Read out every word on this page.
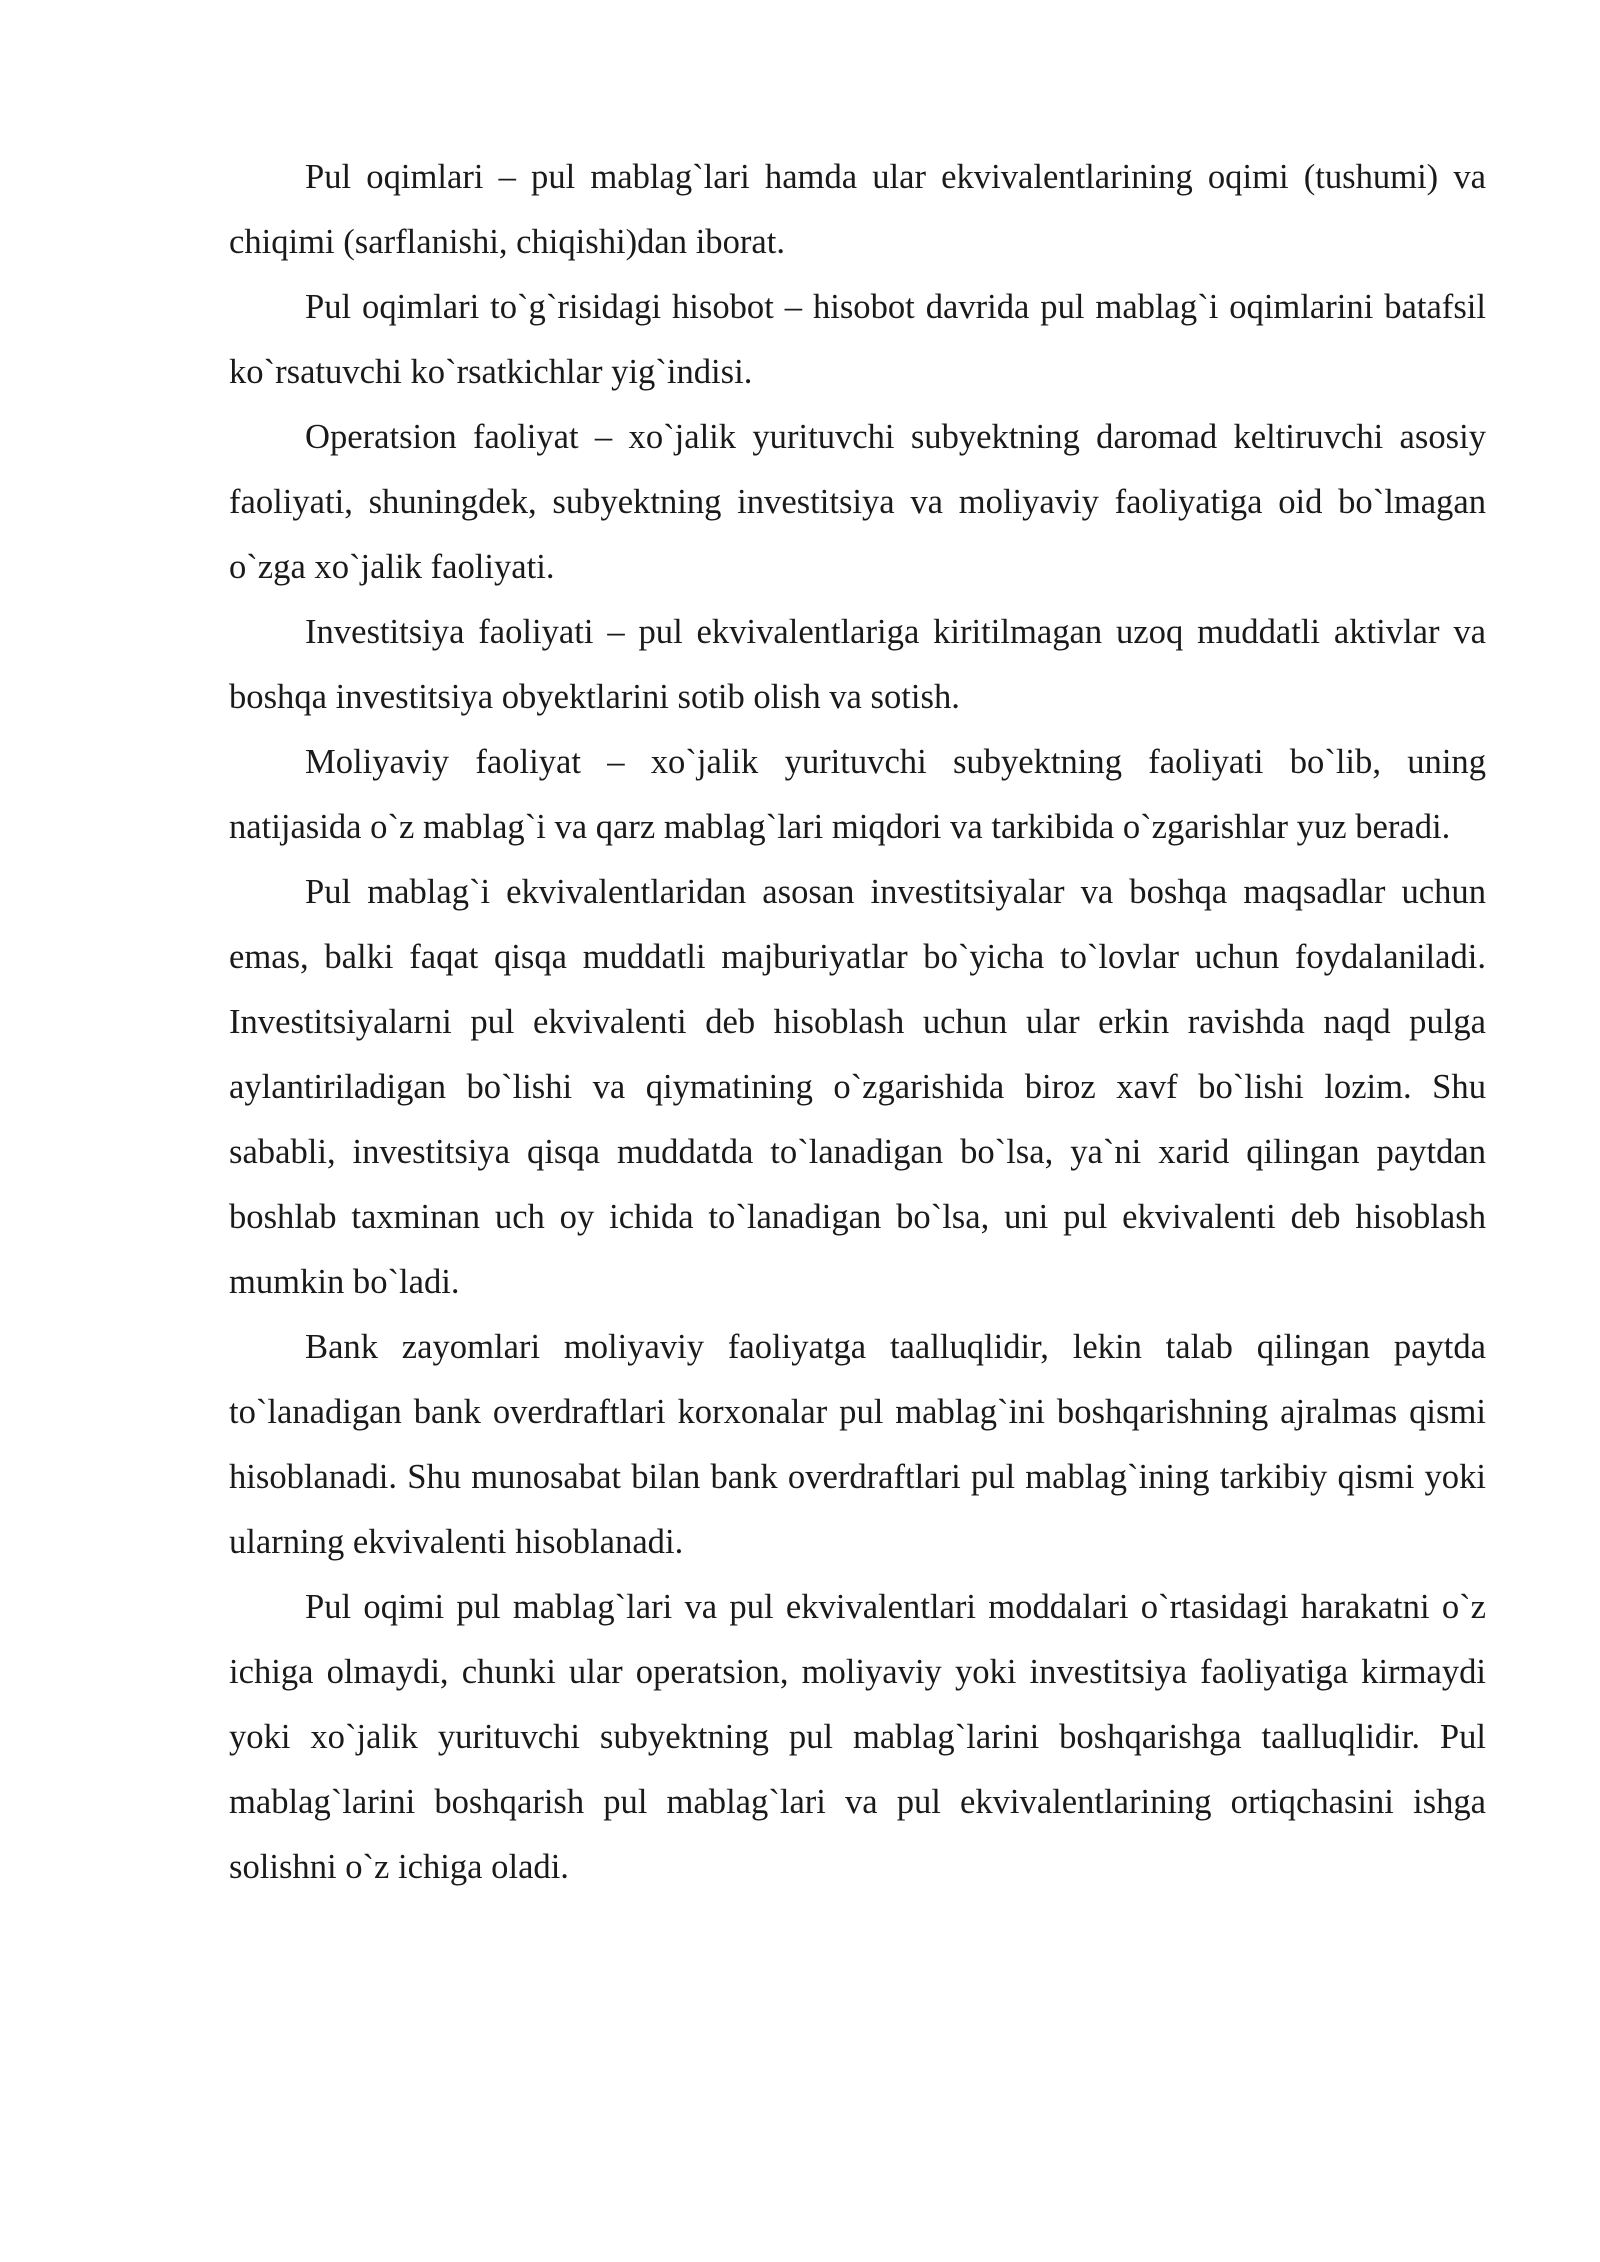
Pul oqimlari – pul mablag`lari hamda ular ekvivalentlarining oqimi (tushumi) va chiqimi (sarflanishi, chiqishi)dan iborat.

Pul oqimlari to`g`risidagi hisobot – hisobot davrida pul mablag`i oqimlarini batafsil ko`rsatuvchi ko`rsatkichlar yig`indisi.

Operatsion faoliyat – xo`jalik yurituvchi subyektning daromad keltiruvchi asosiy faoliyati, shuningdek, subyektning investitsiya va moliyaviy faoliyatiga oid bo`lmagan o`zga xo`jalik faoliyati.

Investitsiya faoliyati – pul ekvivalentlariga kiritilmagan uzoq muddatli aktivlar va boshqa investitsiya obyektlarini sotib olish va sotish.

Moliyaviy faoliyat – xo`jalik yurituvchi subyektning faoliyati bo`lib, uning natijasida o`z mablag`i va qarz mablag`lari miqdori va tarkibida o`zgarishlar yuz beradi.

Pul mablag`i ekvivalentlaridan asosan investitsiyalar va boshqa maqsadlar uchun emas, balki faqat qisqa muddatli majburiyatlar bo`yicha to`lovlar uchun foydalaniladi. Investitsiyalarni pul ekvivalenti deb hisoblash uchun ular erkin ravishda naqd pulga aylantiriladigan bo`lishi va qiymatining o`zgarishida biroz xavf bo`lishi lozim. Shu sababli, investitsiya qisqa muddatda to`lanadigan bo`lsa, ya`ni xarid qilingan paytdan boshlab taxminan uch oy ichida to`lanadigan bo`lsa, uni pul ekvivalenti deb hisoblash mumkin bo`ladi.

Bank zayomlari moliyaviy faoliyatga taalluqlidir, lekin talab qilingan paytda to`lanadigan bank overdraftlari korxonalar pul mablag`ini boshqarishning ajralmas qismi hisoblanadi. Shu munosabat bilan bank overdraftlari pul mablag`ining tarkibiy qismi yoki ularning ekvivalenti hisoblanadi.

Pul oqimi pul mablag`lari va pul ekvivalentlari moddalari o`rtasidagi harakatni o`z ichiga olmaydi, chunki ular operatsion, moliyaviy yoki investitsiya faoliyatiga kirmaydi yoki xo`jalik yurituvchi subyektning pul mablag`larini boshqarishga taalluqlidir. Pul mablag`larini boshqarish pul mablag`lari va pul ekvivalentlarining ortiqchasini ishga solishni o`z ichiga oladi.
